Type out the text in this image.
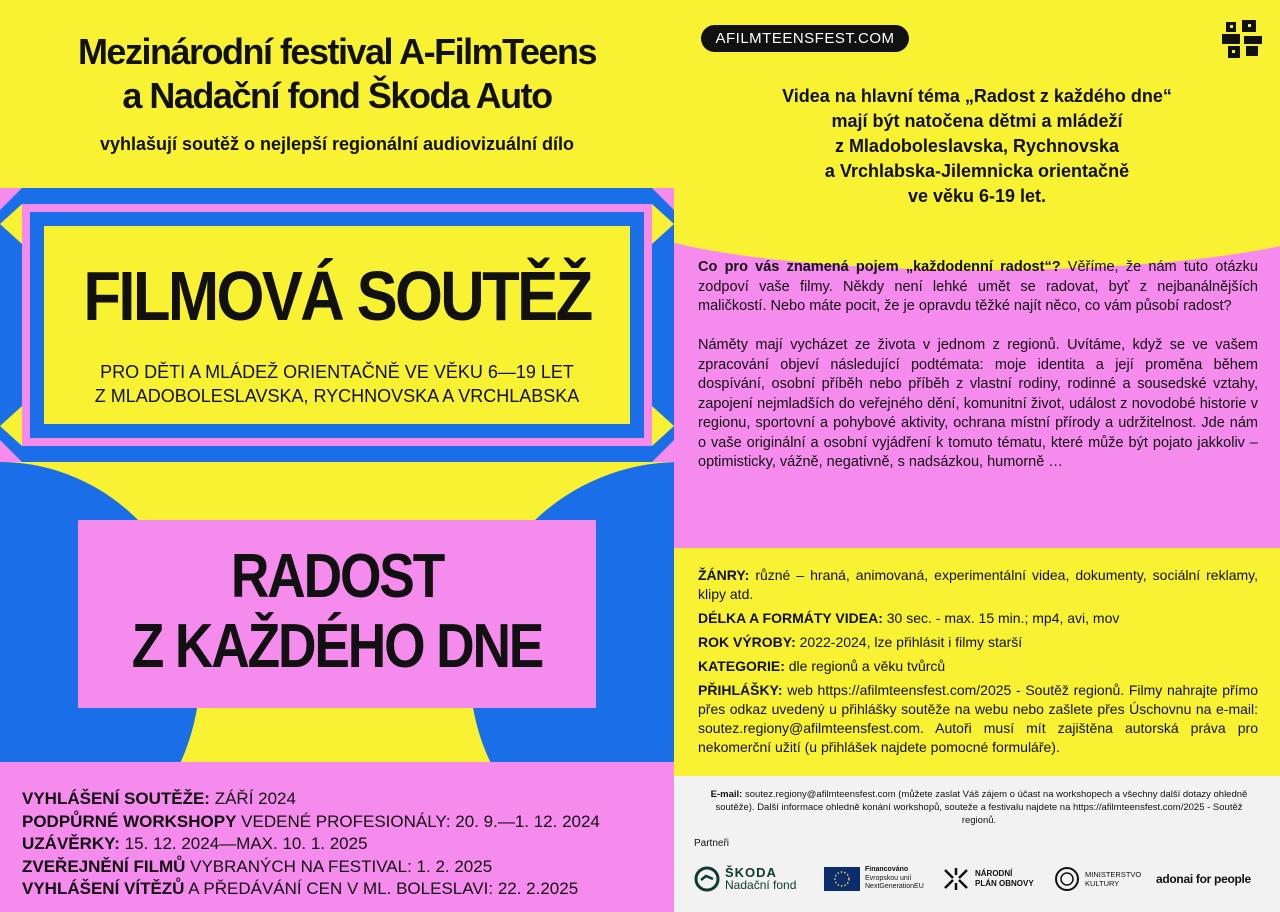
Mezinárodní festival A-FilmTeens
a Nadační fond Škoda Auto
vyhlašují soutěž o nejlepší regionální audiovizuální dílo
FILMOVÁ SOUTĚŽ
PRO DĚTI A MLÁDEŽ ORIENTAČNĚ VE VĚKU 6—19 LET
Z MLADOBOLESLAVSKA, RYCHNOVSKA A VRCHLABSKA
RADOST
Z KAŽDÉHO DNE
VYHLÁŠENÍ SOUTĚŽE: ZÁŘÍ 2024
PODPŮRNÉ WORKSHOPY VEDENÉ PROFESIONÁLY: 20. 9.—1. 12. 2024
UZÁVĚRKY: 15. 12. 2024—MAX. 10. 1. 2025
ZVEŘEJNĚNÍ FILMŮ VYBRANÝCH NA FESTIVAL: 1. 2. 2025
VYHLÁŠENÍ VÍTĚZŮ A PŘEDÁVÁNÍ CEN V ML. BOLESLAVI: 22. 2.2025
AFILMTEENSFEST.COM
Videa na hlavní téma „Radost z každého dne“
mají být natočena dětmi a mládeží
z Mladoboleslavska, Rychnovska
a Vrchlabska-Jilemnicka orientačně
ve věku 6-19 let.

Co pro vás znamená pojem „každodenní radost“? Věříme, že nám tuto otázku zodpoví vaše filmy. Někdy není lehké umět se radovat, byť z nejbanálnějších maličkostí. Nebo máte pocit, že je opravdu těžké najít něco, co vám působí radost?

Náměty mají vycházet ze života v jednom z regionů. Uvítáme, když se ve vašem zpracování objeví následující podtémata: moje identita a její proměna během dospívání, osobní příběh nebo příběh z vlastní rodiny, rodinné a sousedské vztahy, zapojení nejmladších do veřejného dění, komunitní život, událost z novodobé historie v regionu, sportovní a pohybové aktivity, ochrana místní přírody a udržitelnost. Jde nám o vaše originální a osobní vyjádření k tomuto tématu, které může být pojato jakkoliv – optimisticky, vážně, negativně, s nadsázkou, humorně …

ŽÁNRY: různé – hraná, animovaná, experimentální videa, dokumenty, sociální reklamy, klipy atd.
DÉLKA A FORMÁTY VIDEA: 30 sec. - max. 15 min.; mp4, avi, mov
ROK VÝROBY: 2022-2024, lze přihlásit i filmy starší
KATEGORIE: dle regionů a věku tvůrců
PŘIHLÁŠKY: web https://afilmteensfest.com/2025 - Soutěž regionů. Filmy nahrajte přímo přes odkaz uvedený u přihlášky soutěže na webu nebo zašlete přes Úschovnu na e-mail: soutez.regiony@afilmteensfest.com. Autoři musí mít zajištěna autorská práva pro nekomerční užití (u přihlášek najdete pomocné formuláře).
E-mail: soutez.regiony@afilmteensfest.com (můžete zaslat Váš zájem o účast na workshopech a všechny další dotazy ohledně soutěže). Další informace ohledně konání workshopů, souteže a festivalu najdete na https://afilmteensfest.com/2025 - Soutěž regionů.
Partneři
ŠKODA
Nadační fond
Financováno
Evropskou unií
NextGenerationEU
NÁRODNÍ
PLÁN OBNOVY
MINISTERSTVO
KULTURY	adonai for people
